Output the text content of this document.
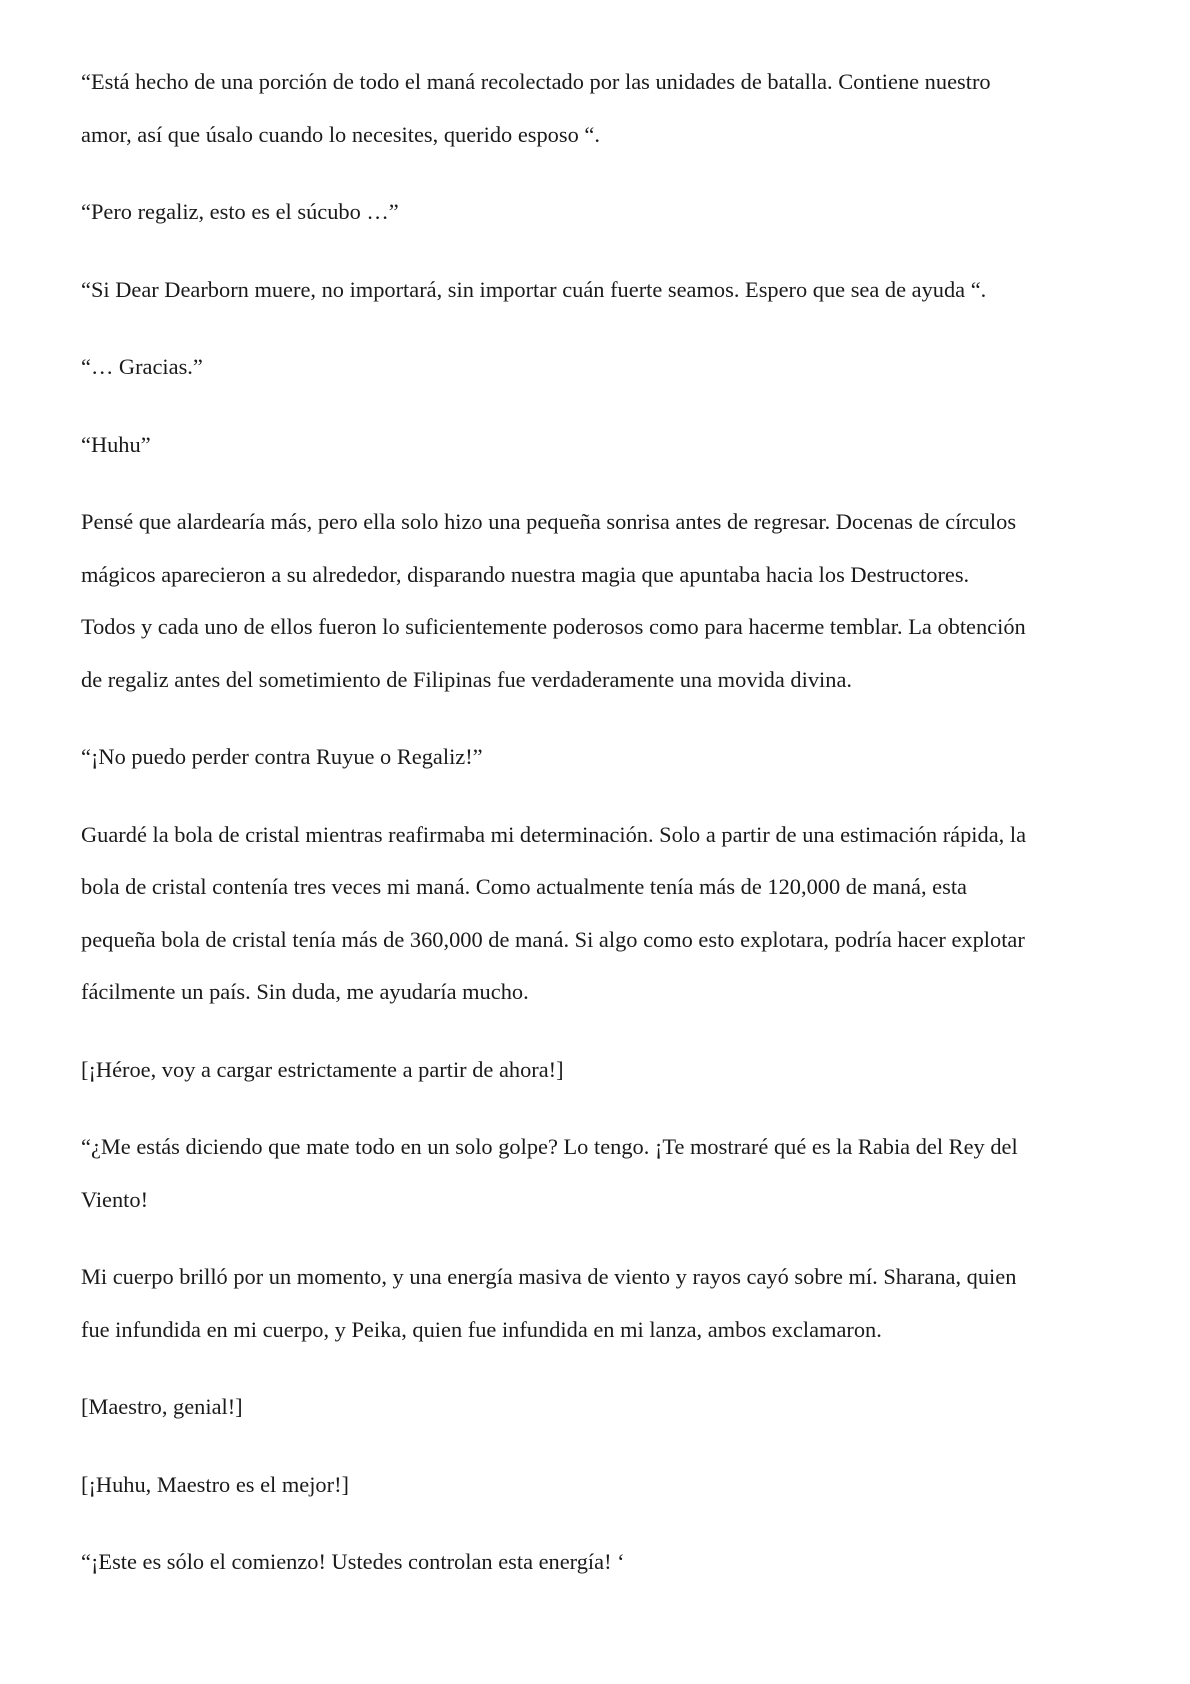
“Está hecho de una porción de todo el maná recolectado por las unidades de batalla. Contiene nuestro
amor, así que úsalo cuando lo necesites, querido esposo “.

“Pero regaliz, esto es el súcubo …”

“Si Dear Dearborn muere, no importará, sin importar cuán fuerte seamos. Espero que sea de ayuda “.

“… Gracias.”

“Huhu”

Pensé que alardearía más, pero ella solo hizo una pequeña sonrisa antes de regresar. Docenas de círculos
mágicos aparecieron a su alrededor, disparando nuestra magia que apuntaba hacia los Destructores.
Todos y cada uno de ellos fueron lo suficientemente poderosos como para hacerme temblar. La obtención
de regaliz antes del sometimiento de Filipinas fue verdaderamente una movida divina.

“¡No puedo perder contra Ruyue o Regaliz!”

Guardé la bola de cristal mientras reafirmaba mi determinación. Solo a partir de una estimación rápida, la
bola de cristal contenía tres veces mi maná. Como actualmente tenía más de 120,000 de maná, esta
pequeña bola de cristal tenía más de 360,000 de maná. Si algo como esto explotara, podría hacer explotar
fácilmente un país. Sin duda, me ayudaría mucho.

[¡Héroe, voy a cargar estrictamente a partir de ahora!]

“¿Me estás diciendo que mate todo en un solo golpe? Lo tengo. ¡Te mostraré qué es la Rabia del Rey del
Viento!

Mi cuerpo brilló por un momento, y una energía masiva de viento y rayos cayó sobre mí. Sharana, quien
fue infundida en mi cuerpo, y Peika, quien fue infundida en mi lanza, ambos exclamaron.

[Maestro, genial!]

[¡Huhu, Maestro es el mejor!]

“¡Este es sólo el comienzo! Ustedes controlan esta energía! ‘
